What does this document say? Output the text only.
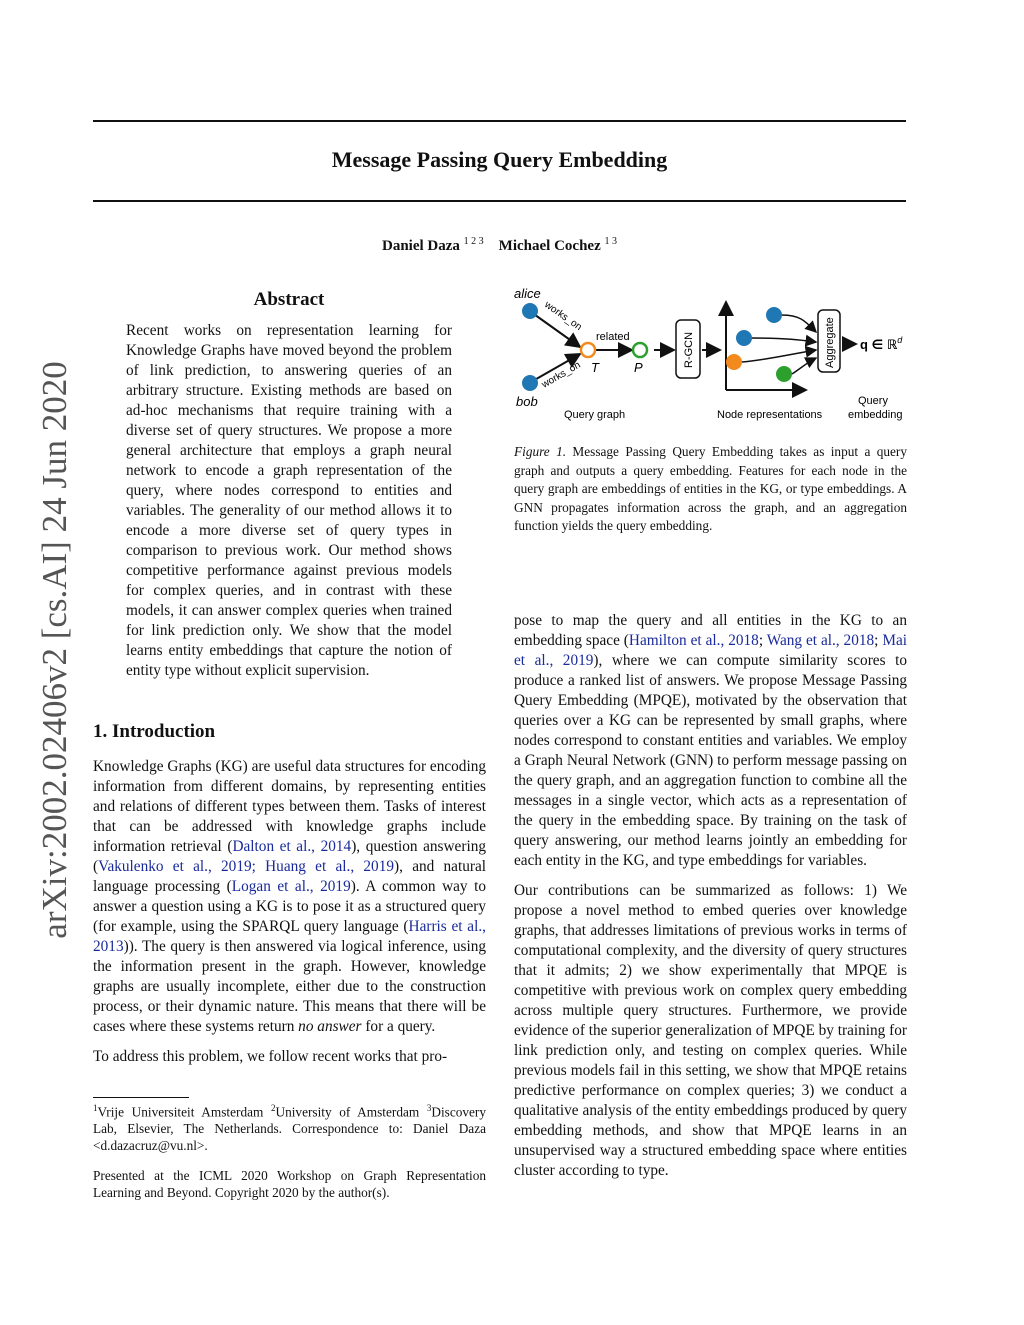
Message Passing Query Embedding
Daniel Daza $^{1 2 3}$ Michael Cochez $^{1 3}$
arXiv:2002.02406v2 [cs.AI] 24 Jun 2020
Abstract
Recent works on representation learning for Knowledge Graphs have moved beyond the problem of link prediction, to answering queries of an arbitrary structure. Existing methods are based on ad-hoc mechanisms that require training with a diverse set of query structures. We propose a more general architecture that employs a graph neural network to encode a graph representation of the query, where nodes correspond to entities and variables. The generality of our method allows it to encode a more diverse set of query types in comparison to previous work. Our method shows competitive performance against previous models for complex queries, and in contrast with these models, it can answer complex queries when trained for link prediction only. We show that the model learns entity embeddings that capture the notion of entity type without explicit supervision.
1. Introduction

Knowledge Graphs (KG) are useful data structures for encoding information from different domains, by representing entities and relations of different types between them. Tasks of interest that can be addressed with knowledge graphs include information retrieval (Dalton et al., 2014), question answering (Vakulenko et al., 2019; Huang et al., 2019), and natural language processing (Logan et al., 2019). A common way to answer a question using a KG is to pose it as a structured query (for example, using the SPARQL query language (Harris et al., 2013)). The query is then answered via logical inference, using the information present in the graph. However, knowledge graphs are usually incomplete, either due to the construction process, or their dynamic nature. This means that there will be cases where these systems return no answer for a query.

To address this problem, we follow recent works that pro-

$^1$Vrije Universiteit Amsterdam $^2$University of Amsterdam $^3$Discovery Lab, Elsevier, The Netherlands. Correspondence to: Daniel Daza <d.dazacruz@vu.nl>.
Presented at the ICML 2020 Workshop on Graph Representation Learning and Beyond. Copyright 2020 by the author(s).
alice
bob
works_on
works_on
related
T	P
Query graph
R-GCN
Node representations
Aggregate q ∈ ℝ$^d$
Query
embedding
Figure 1. Message Passing Query Embedding takes as input a query graph and outputs a query embedding. Features for each node in the query graph are embeddings of entities in the KG, or type embeddings. A GNN propagates information across the graph, and an aggregation function yields the query embedding.

pose to map the query and all entities in the KG to an embedding space (Hamilton et al., 2018; Wang et al., 2018; Mai et al., 2019), where we can compute similarity scores to produce a ranked list of answers. We propose Message Passing Query Embedding (MPQE), motivated by the observation that queries over a KG can be represented by small graphs, where nodes correspond to constant entities and variables. We employ a Graph Neural Network (GNN) to perform message passing on the query graph, and an aggregation function to combine all the messages in a single vector, which acts as a representation of the query in the embedding space. By training on the task of query answering, our method learns jointly an embedding for each entity in the KG, and type embeddings for variables.

Our contributions can be summarized as follows: 1) We propose a novel method to embed queries over knowledge graphs, that addresses limitations of previous works in terms of computational complexity, and the diversity of query structures that it admits; 2) we show experimentally that MPQE is competitive with previous work on complex query embedding across multiple query structures. Furthermore, we provide evidence of the superior generalization of MPQE by training for link prediction only, and testing on complex queries. While previous models fail in this setting, we show that MPQE retains predictive performance on complex queries; 3) we conduct a qualitative analysis of the entity embeddings produced by query embedding methods, and show that MPQE learns in an unsupervised way a structured embedding space where entities cluster according to type.
